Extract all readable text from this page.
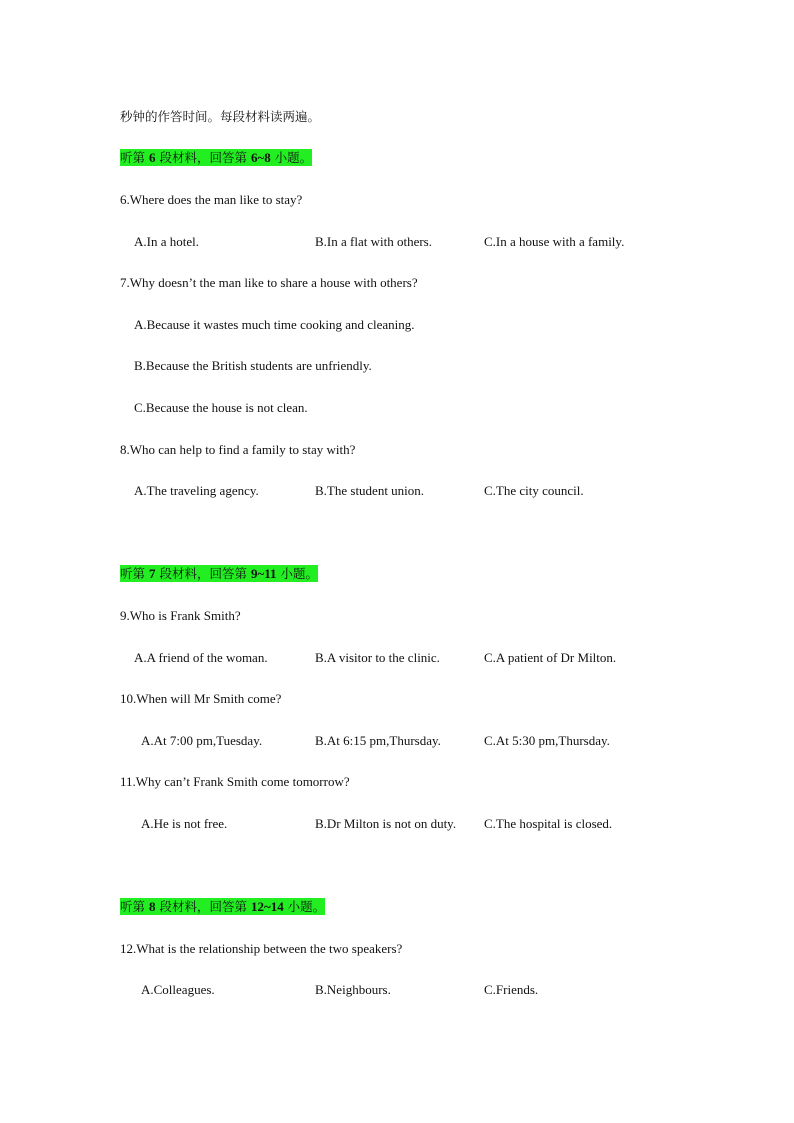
秒钟的作答时间。每段材料读两遍。
听第 6 段材料，回答第 6~8 小题。
6.Where does the man like to stay?
A.In a hotel.	B.In a flat with others.	C.In a house with a family.
7.Why doesn’t the man like to share a house with others?
A.Because it wastes much time cooking and cleaning.
B.Because the British students are unfriendly.
C.Because the house is not clean.
8.Who can help to find a family to stay with?
A.The traveling agency.	B.The student union.	C.The city council.
听第 7 段材料，回答第 9~11 小题。
9.Who is Frank Smith?
A.A friend of the woman.	B.A visitor to the clinic.	C.A patient of Dr Milton.
10.When will Mr Smith come?
A.At 7:00 pm,Tuesday.	B.At 6:15 pm,Thursday.	C.At 5:30 pm,Thursday.
11.Why can’t Frank Smith come tomorrow?
A.He is not free.	B.Dr Milton is not on duty. C.The hospital is closed.
听第 8 段材料，回答第 12~14 小题。
12.What is the relationship between the two speakers?
A.Colleagues.	B.Neighbours.	C.Friends.
